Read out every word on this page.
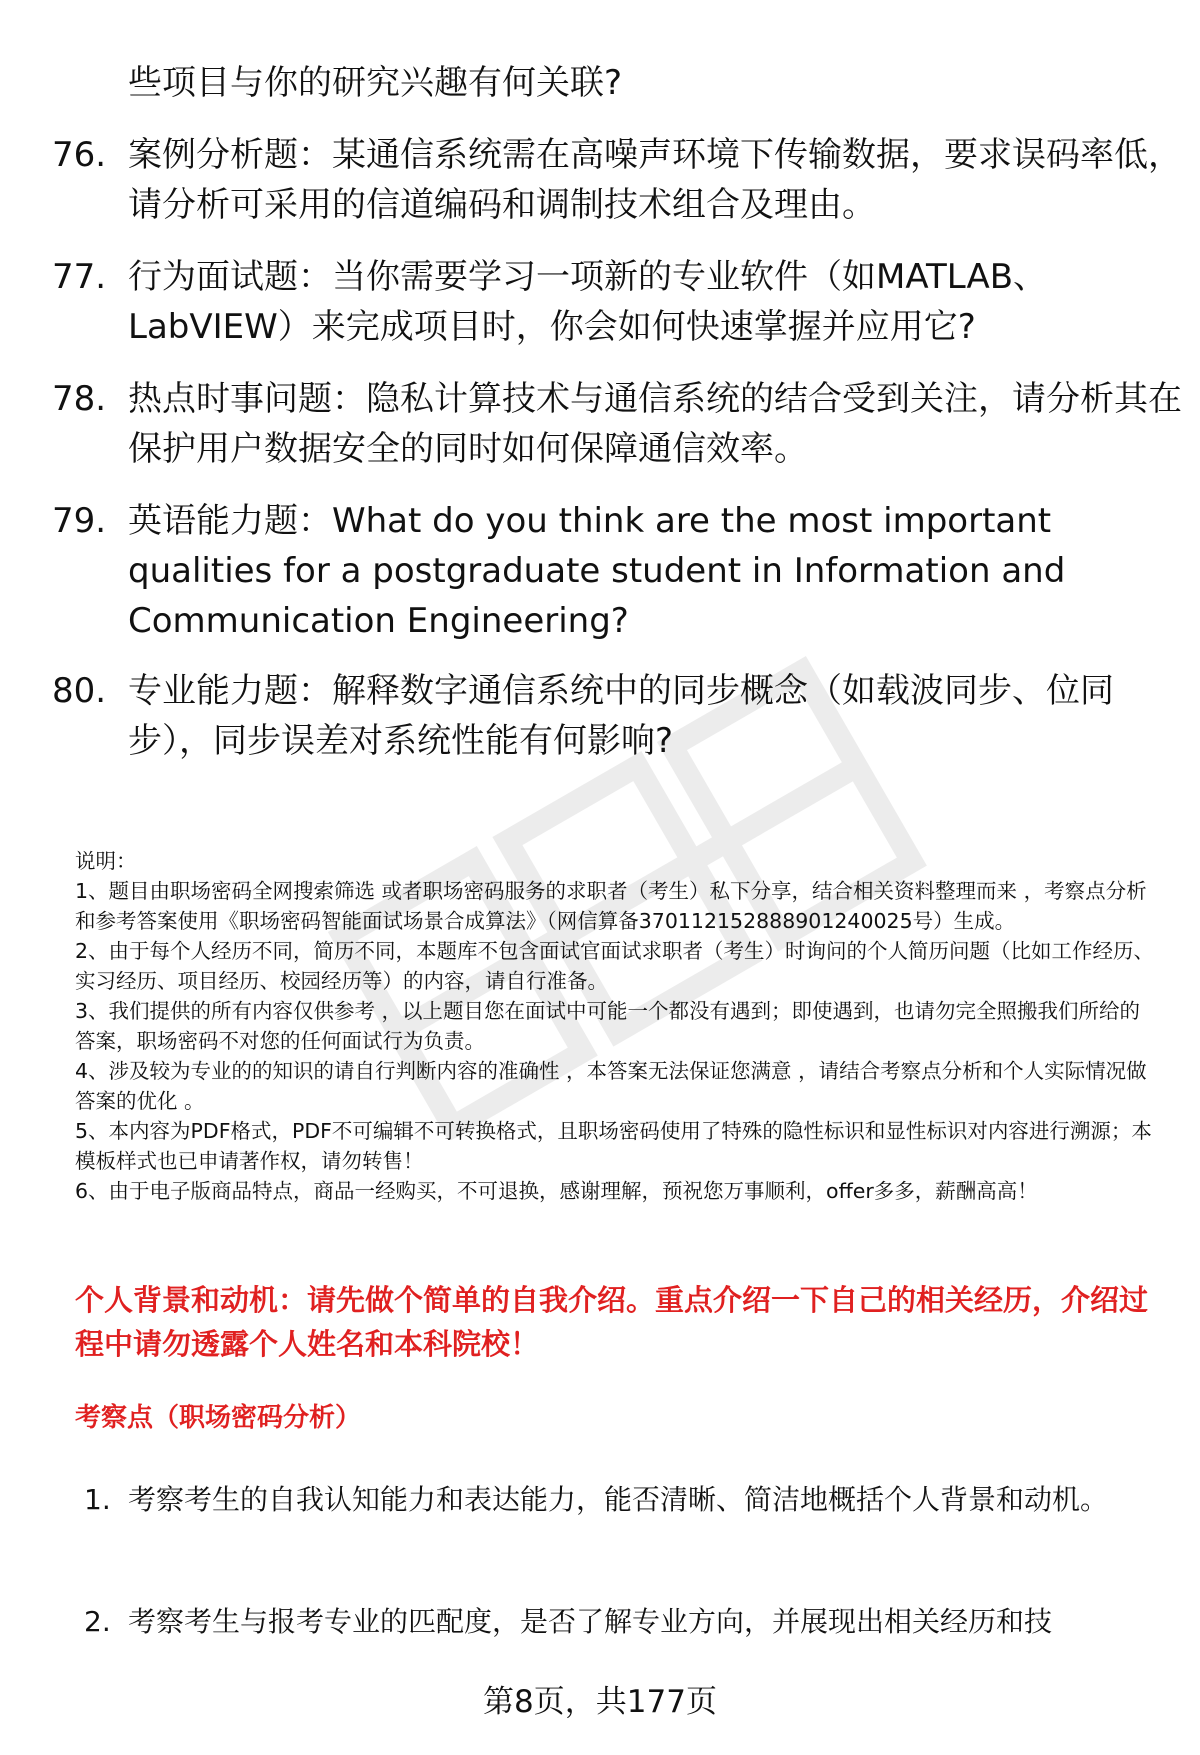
些项目与你的研究兴趣有何关联?

76. 案例分析题：某通信系统需在高噪声环境下传输数据，要求误码率低，请分析可采用的信道编码和调制技术组合及理由。
77. 行为面试题：当你需要学习一项新的专业软件（如MATLAB、LabVIEW）来完成项目时，你会如何快速掌握并应用它?
78. 热点时事问题：隐私计算技术与通信系统的结合受到关注，请分析其在保护用户数据安全的同时如何保障通信效率。
79. 英语能力题：What do you think are the most important qualities for a postgraduate student in Information and Communication Engineering?
80. 专业能力题：解释数字通信系统中的同步概念（如载波同步、位同步），同步误差对系统性能有何影响?

说明：

1、题目由职场密码全网搜索筛选 或者职场密码服务的求职者（考生）私下分享，结合相关资料整理而来 ，考察点分析和参考答案使用《职场密码智能面试场景合成算法》（网信算备370112152888901240025号）生成。

2、由于每个人经历不同，简历不同，本题库不包含面试官面试求职者（考生）时询问的个人简历问题（比如工作经历、实习经历、项目经历、校园经历等）的内容，请自行准备。

3、我们提供的所有内容仅供参考 ，以上题目您在面试中可能一个都没有遇到；即使遇到，也请勿完全照搬我们所给的答案，职场密码不对您的任何面试行为负责。

4、涉及较为专业的的知识的请自行判断内容的准确性 ，本答案无法保证您满意 ，请结合考察点分析和个人实际情况做答案的优化 。

5、本内容为PDF格式，PDF不可编辑不可转换格式，且职场密码使用了特殊的隐性标识和显性标识对内容进行溯源；本模板样式也已申请著作权，请勿转售！

6、由于电子版商品特点，商品一经购买，不可退换，感谢理解，预祝您万事顺利，offer多多，薪酬高高！

个人背景和动机：请先做个简单的自我介绍。重点介绍一下自己的相关经历，介绍过程中请勿透露个人姓名和本科院校！

考察点（职场密码分析）

1. 考察考生的自我认知能力和表达能力，能否清晰、简洁地概括个人背景和动机。
2. 考察考生与报考专业的匹配度，是否了解专业方向，并展现出相关经历和技
第8页，共177页
